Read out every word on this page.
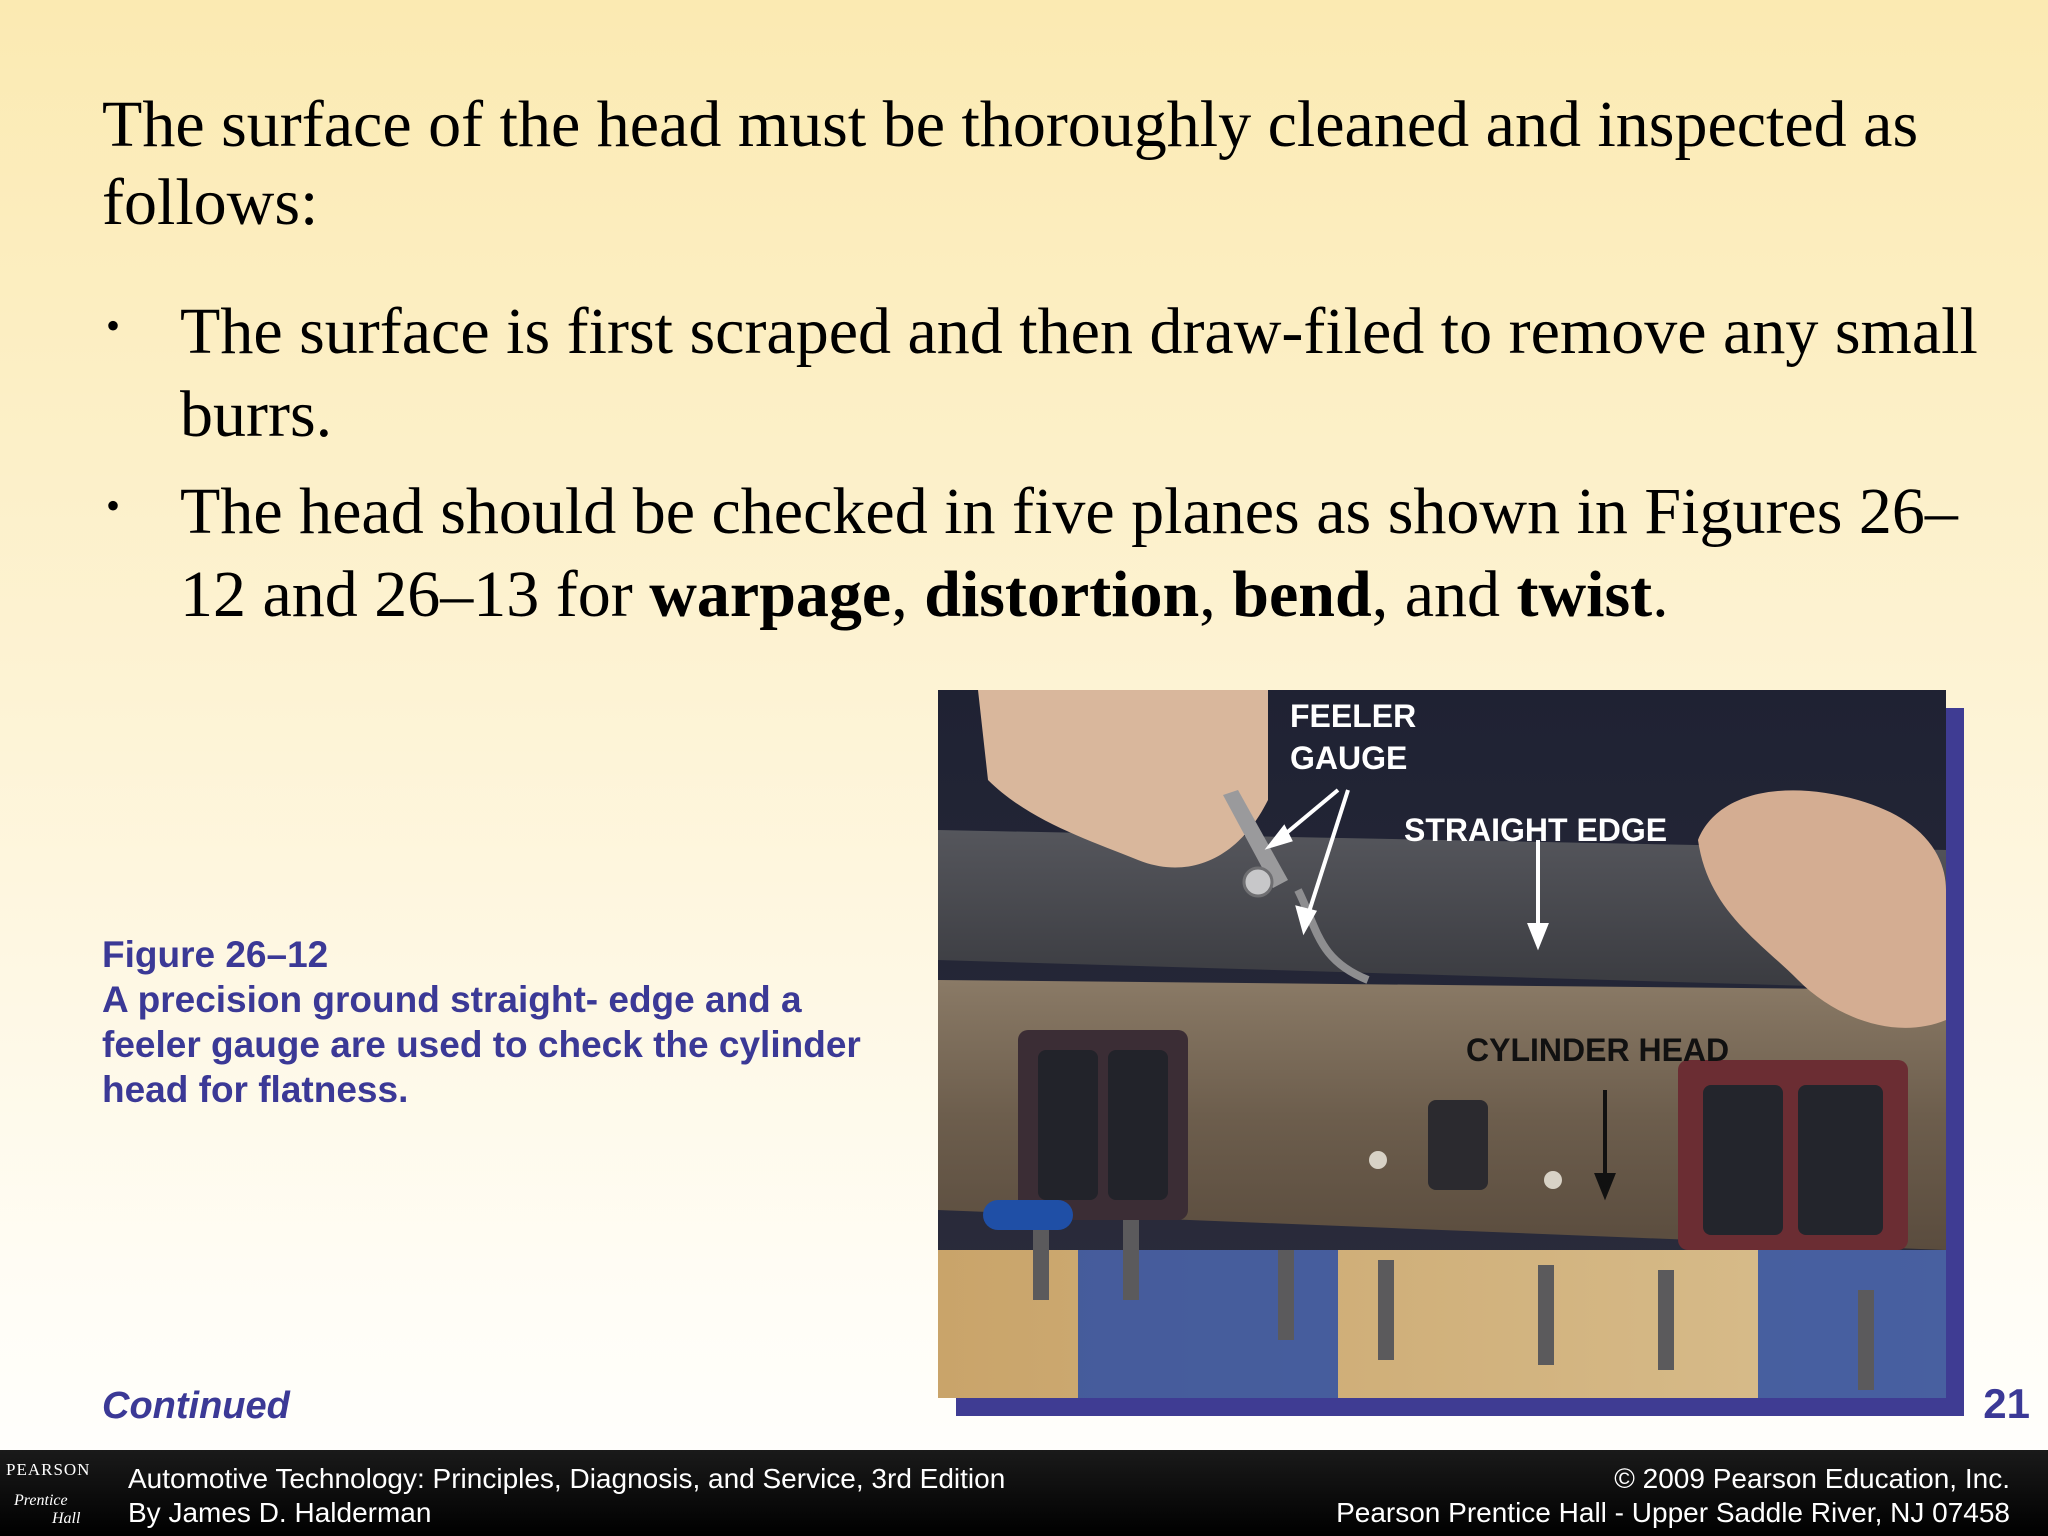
The surface of the head must be thoroughly cleaned and inspected as follows:
• The surface is first scraped and then draw-filed to remove any small burrs.
• The head should be checked in five planes as shown in Figures 26–12 and 26–13 for warpage, distortion, bend, and twist.
Figure 26–12
A precision ground straight- edge and a feeler gauge are used to check the cylinder head for flatness.
FEELER
GAUGE
STRAIGHT EDGE
CYLINDER HEAD
Continued	21
PEARSON
Prentice
Hall
Automotive Technology: Principles, Diagnosis, and Service, 3rd Edition
By James D. Halderman
© 2009 Pearson Education, Inc.
Pearson Prentice Hall - Upper Saddle River, NJ 07458
